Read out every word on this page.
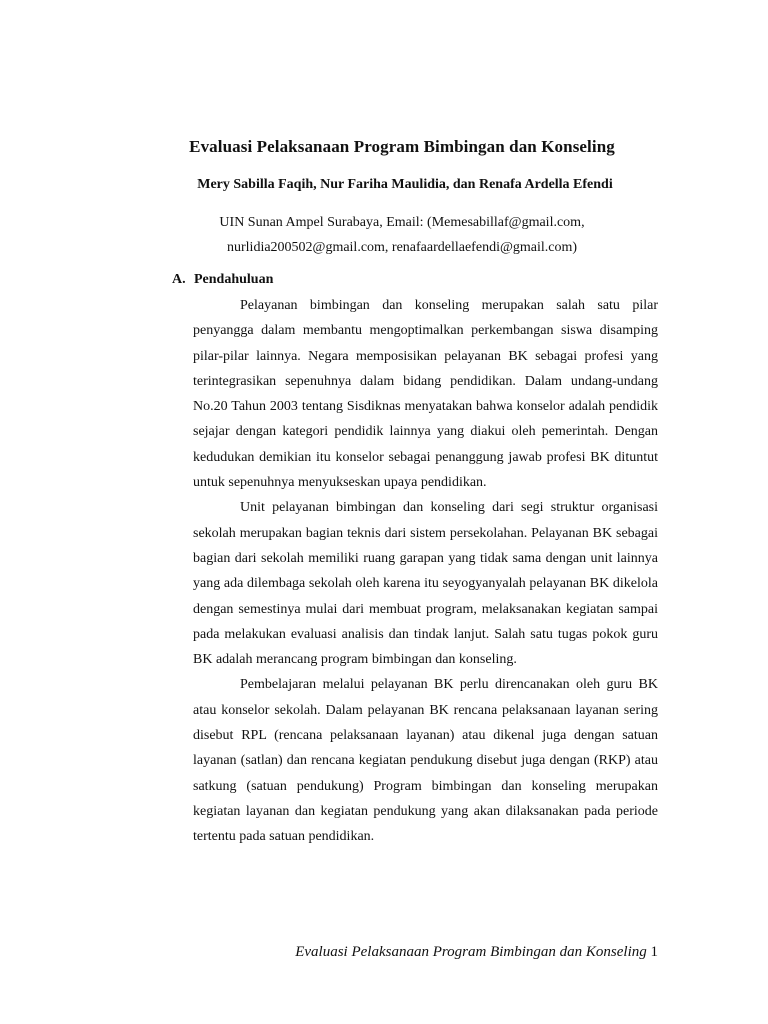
Evaluasi Pelaksanaan Program Bimbingan dan Konseling
Mery Sabilla Faqih, Nur Fariha Maulidia, dan Renafa Ardella Efendi
UIN Sunan Ampel Surabaya, Email: (Memesabillaf@gmail.com,
nurlidia200502@gmail.com, renafaardellaefendi@gmail.com)
A. Pendahuluan

Pelayanan bimbingan dan konseling merupakan salah satu pilar penyangga dalam membantu mengoptimalkan perkembangan siswa disamping pilar-pilar lainnya. Negara memposisikan pelayanan BK sebagai profesi yang terintegrasikan sepenuhnya dalam bidang pendidikan. Dalam undang-undang No.20 Tahun 2003 tentang Sisdiknas menyatakan bahwa konselor adalah pendidik sejajar dengan kategori pendidik lainnya yang diakui oleh pemerintah. Dengan kedudukan demikian itu konselor sebagai penanggung jawab profesi BK dituntut untuk sepenuhnya menyukseskan upaya pendidikan.

Unit pelayanan bimbingan dan konseling dari segi struktur organisasi sekolah merupakan bagian teknis dari sistem persekolahan. Pelayanan BK sebagai bagian dari sekolah memiliki ruang garapan yang tidak sama dengan unit lainnya yang ada dilembaga sekolah oleh karena itu seyogyanyalah pelayanan BK dikelola dengan semestinya mulai dari membuat program, melaksanakan kegiatan sampai pada melakukan evaluasi analisis dan tindak lanjut. Salah satu tugas pokok guru BK adalah merancang program bimbingan dan konseling.

Pembelajaran melalui pelayanan BK perlu direncanakan oleh guru BK atau konselor sekolah. Dalam pelayanan BK rencana pelaksanaan layanan sering disebut RPL (rencana pelaksanaan layanan) atau dikenal juga dengan satuan layanan (satlan) dan rencana kegiatan pendukung disebut juga dengan (RKP) atau satkung (satuan pendukung) Program bimbingan dan konseling merupakan kegiatan layanan dan kegiatan pendukung yang akan dilaksanakan pada periode tertentu pada satuan pendidikan.

Evaluasi Pelaksanaan Program Bimbingan dan Konseling 1
